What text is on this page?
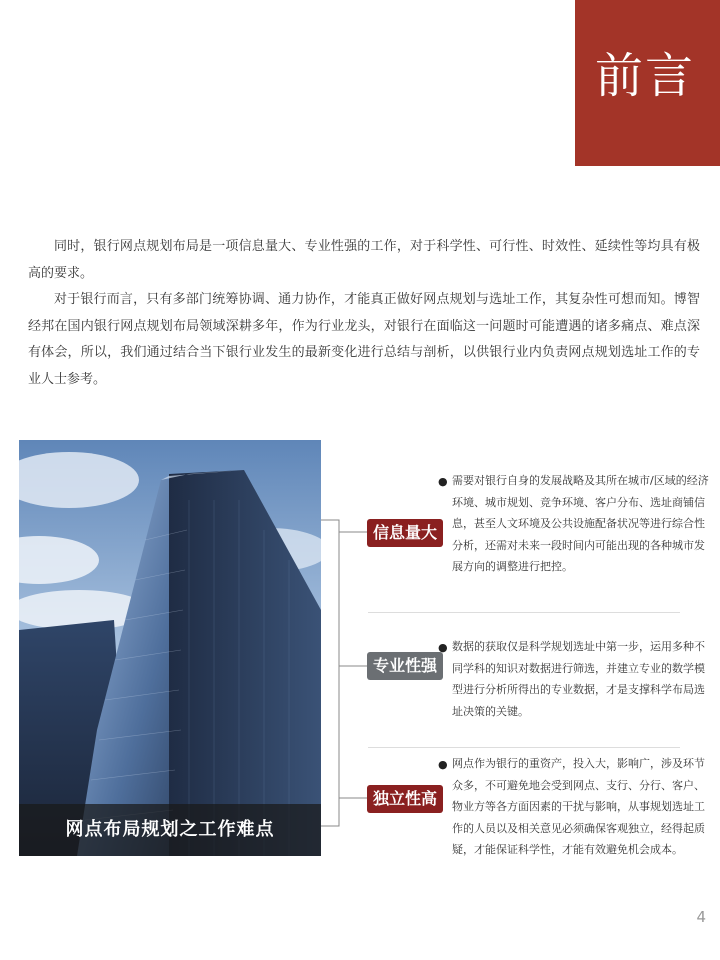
前言

同时，银行网点规划布局是一项信息量大、专业性强的工作，对于科学性、可行性、时效性、延续性等均具有极高的要求。

对于银行而言，只有多部门统筹协调、通力协作，才能真正做好网点规划与选址工作，其复杂性可想而知。博智经邦在国内银行网点规划布局领域深耕多年，作为行业龙头，对银行在面临这一问题时可能遭遇的诸多痛点、难点深有体会，所以，我们通过结合当下银行业发生的最新变化进行总结与剖析，以供银行业内负责网点规划选址工作的专业人士参考。

网点布局规划之工作难点
信息量大
● 需要对银行自身的发展战略及其所在城市/区域的经济环境、城市规划、竞争环境、客户分布、选址商铺信息，甚至人文环境及公共设施配备状况等进行综合性分析，还需对未来一段时间内可能出现的各种城市发展方向的调整进行把控。
专业性强
● 数据的获取仅是科学规划选址中第一步，运用多种不同学科的知识对数据进行筛选，并建立专业的数学模型进行分析所得出的专业数据，才是支撑科学布局选址决策的关键。
独立性高
● 网点作为银行的重资产，投入大，影响广，涉及环节众多，不可避免地会受到网点、支行、分行、客户、物业方等各方面因素的干扰与影响，从事规划选址工作的人员以及相关意见必须确保客观独立，经得起质疑，才能保证科学性，才能有效避免机会成本。
4
